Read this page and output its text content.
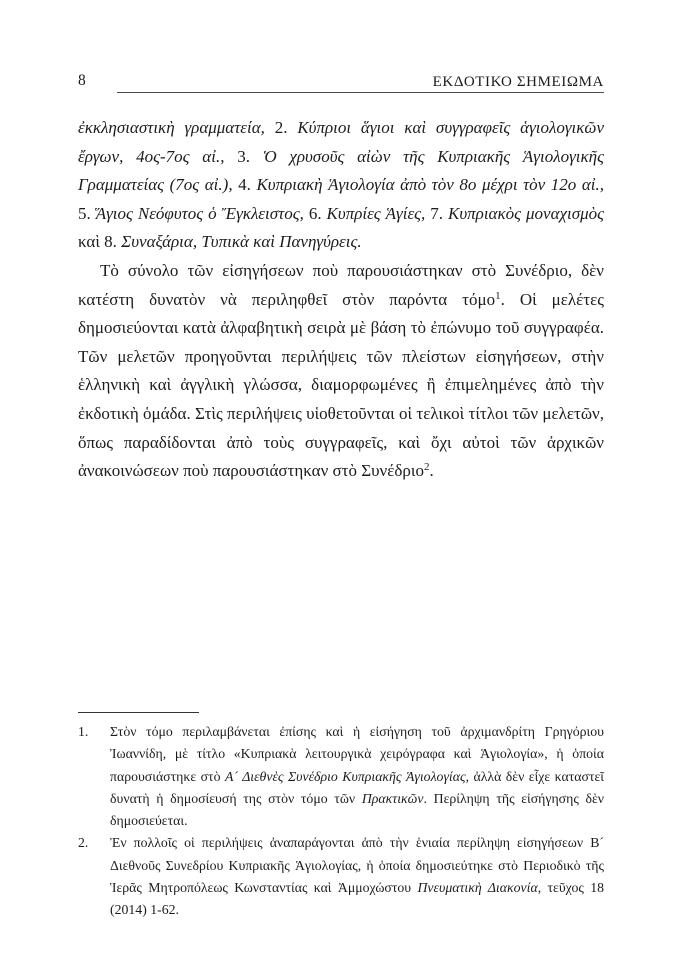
8	ΕΚΔΟΤΙΚΟ ΣΗΜΕΙΩΜΑ

ἐκκλησιαστικὴ γραμματεία, 2. Κύπριοι ἅγιοι καὶ συγγραφεῖς ἁγιολογικῶν ἔργων, 4ος-7ος αἰ., 3. Ὁ χρυσοῦς αἰὼν τῆς Κυπριακῆς Ἁγιολογικῆς Γραμματείας (7ος αἰ.), 4. Κυπριακὴ Ἁγιολογία ἀπὸ τὸν 8ο μέχρι τὸν 12ο αἰ., 5. Ἅγιος Νεόφυτος ὁ Ἔγκλειστος, 6. Κυπρίες Ἁγίες, 7. Κυπριακὸς μοναχισμὸς καὶ 8. Συναξάρια, Τυπικὰ καὶ Πανηγύρεις.

Τὸ σύνολο τῶν εἰσηγήσεων ποὺ παρουσιάστηκαν στὸ Συνέδριο, δὲν κατέστη δυνατὸν νὰ περιληφθεῖ στὸν παρόντα τόμο$^1$. Οἱ μελέτες δημοσιεύονται κατὰ ἀλφαβητικὴ σειρὰ μὲ βάση τὸ ἐπώνυμο τοῦ συγγραφέα. Τῶν μελετῶν προηγοῦνται περιλήψεις τῶν πλείστων εἰσηγήσεων, στὴν ἑλληνικὴ καὶ ἀγγλικὴ γλώσσα, διαμορφωμένες ἢ ἐπιμελημένες ἀπὸ τὴν ἐκδοτικὴ ὁμάδα. Στὶς περιλήψεις υἱοθετοῦνται οἱ τελικοὶ τίτλοι τῶν μελετῶν, ὅπως παραδίδονται ἀπὸ τοὺς συγγραφεῖς, καὶ ὄχι αὐτοὶ τῶν ἀρχικῶν ἀνακοινώσεων ποὺ παρουσιάστηκαν στὸ Συνέδριο$^2$.

1.	Στὸν τόμο περιλαμβάνεται ἐπίσης καὶ ἡ εἰσήγηση τοῦ ἀρχιμανδρίτη Γρηγόριου Ἰωαννίδη, μὲ τίτλο «Κυπριακὰ λειτουργικὰ χειρόγραφα καὶ Ἁγιολογία», ἡ ὁποία παρουσιάστηκε στὸ Α´ Διεθνὲς Συνέδριο Κυπριακῆς Ἁγιολογίας, ἀλλὰ δὲν εἶχε καταστεῖ δυνατὴ ἡ δημοσίευσή της στὸν τόμο τῶν Πρακτικῶν. Περίληψη τῆς εἰσήγησης δὲν δημοσιεύεται.
2.	Ἐν πολλοῖς οἱ περιλήψεις ἀναπαράγονται ἀπὸ τὴν ἑνιαία περίληψη εἰσηγήσεων Β´ Διεθνοῦς Συνεδρίου Κυπριακῆς Ἁγιολογίας, ἡ ὁποία δημοσιεύτηκε στὸ Περιοδικὸ τῆς Ἱερᾶς Μητροπόλεως Κωνσταντίας καὶ Ἀμμοχώστου Πνευματικὴ Διακονία, τεῦχος 18 (2014) 1-62.
